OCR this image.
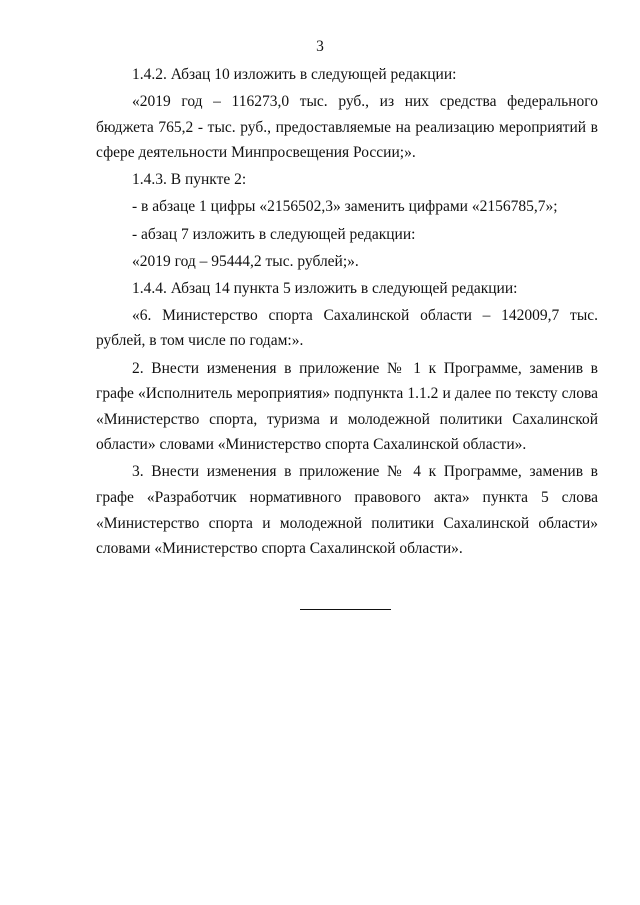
3

1.4.2. Абзац 10 изложить в следующей редакции:

«2019 год – 116273,0 тыс. руб., из них средства федерального бюджета 765,2 - тыс. руб., предоставляемые на реализацию мероприятий в сфере деятельности Минпросвещения России;».

1.4.3. В пункте 2:

- в абзаце 1 цифры «2156502,3» заменить цифрами «2156785,7»;

- абзац 7 изложить в следующей редакции:

«2019 год – 95444,2 тыс. рублей;».

1.4.4. Абзац 14 пункта 5 изложить в следующей редакции:

«6. Министерство спорта Сахалинской области – 142009,7 тыс. рублей, в том числе по годам:».

2. Внести изменения в приложение № 1 к Программе, заменив в графе «Исполнитель мероприятия» подпункта 1.1.2 и далее по тексту слова «Министерство спорта, туризма и молодежной политики Сахалинской области» словами «Министерство спорта Сахалинской области».

3. Внести изменения в приложение № 4 к Программе, заменив в графе «Разработчик нормативного правового акта» пункта 5 слова «Министерство спорта и молодежной политики Сахалинской области» словами «Министерство спорта Сахалинской области».
